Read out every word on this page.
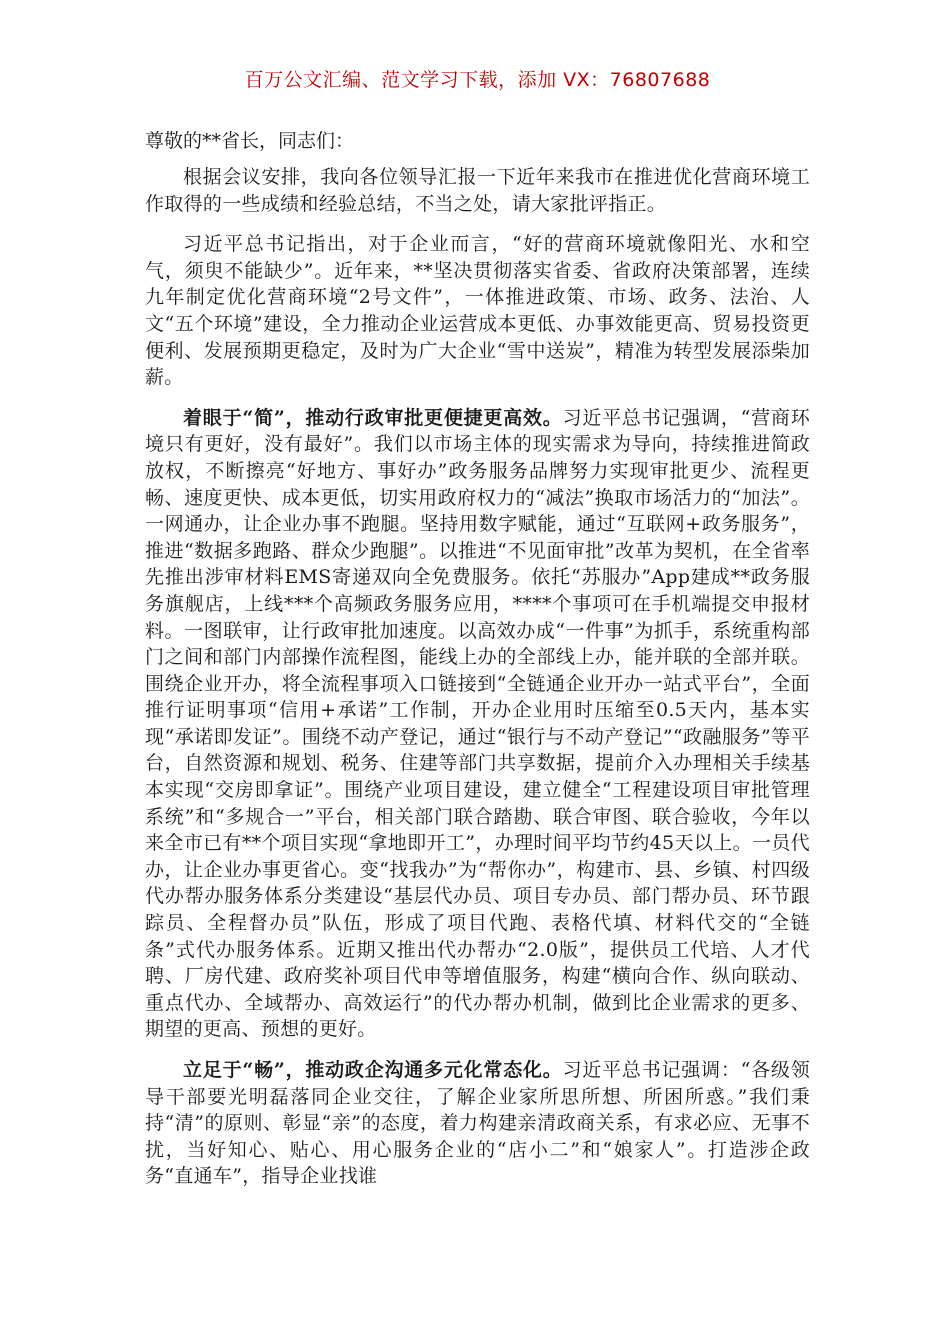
百万公文汇编、范文学习下载，添加 VX：76807688
尊敬的**省长，同志们：

根据会议安排，我向各位领导汇报一下近年来我市在推进优化营商环境工作取得的一些成绩和经验总结，不当之处，请大家批评指正。

习近平总书记指出，对于企业而言，“好的营商环境就像阳光、水和空气，须臾不能缺少”。近年来，**坚决贯彻落实省委、省政府决策部署，连续九年制定优化营商环境“2号文件”，一体推进政策、市场、政务、法治、人文“五个环境”建设，全力推动企业运营成本更低、办事效能更高、贸易投资更便利、发展预期更稳定，及时为广大企业“雪中送炭”，精准为转型发展添柴加薪。

着眼于“简”，推动行政审批更便捷更高效。习近平总书记强调，“营商环境只有更好，没有最好”。我们以市场主体的现实需求为导向，持续推进简政放权，不断擦亮“好地方、事好办”政务服务品牌努力实现审批更少、流程更畅、速度更快、成本更低，切实用政府权力的“减法”换取市场活力的“加法”。一网通办，让企业办事不跑腿。坚持用数字赋能，通过“互联网+政务服务”，推进“数据多跑路、群众少跑腿”。以推进“不见面审批”改革为契机，在全省率先推出涉审材料EMS寄递双向全免费服务。依托“苏服办”App建成**政务服务旗舰店，上线***个高频政务服务应用，****个事项可在手机端提交申报材料。一图联审，让行政审批加速度。以高效办成“一件事”为抓手，系统重构部门之间和部门内部操作流程图，能线上办的全部线上办，能并联的全部并联。围绕企业开办，将全流程事项入口链接到“全链通企业开办一站式平台”，全面推行证明事项“信用+承诺”工作制，开办企业用时压缩至0.5天内，基本实现“承诺即发证”。围绕不动产登记，通过“银行与不动产登记”“政融服务”等平台，自然资源和规划、税务、住建等部门共享数据，提前介入办理相关手续基本实现“交房即拿证”。围绕产业项目建设，建立健全“工程建设项目审批管理系统”和“多规合一”平台，相关部门联合踏勘、联合审图、联合验收，今年以来全市已有**个项目实现“拿地即开工”，办理时间平均节约45天以上。一员代办，让企业办事更省心。变“找我办”为“帮你办”，构建市、县、乡镇、村四级代办帮办服务体系分类建设“基层代办员、项目专办员、部门帮办员、环节跟踪员、全程督办员”队伍，形成了项目代跑、表格代填、材料代交的“全链条”式代办服务体系。近期又推出代办帮办“2.0版”，提供员工代培、人才代聘、厂房代建、政府奖补项目代申等增值服务，构建“横向合作、纵向联动、重点代办、全域帮办、高效运行”的代办帮办机制，做到比企业需求的更多、期望的更高、预想的更好。

立足于“畅”，推动政企沟通多元化常态化。习近平总书记强调：“各级领导干部要光明磊落同企业交往，了解企业家所思所想、所困所惑。”我们秉持“清”的原则、彰显“亲”的态度，着力构建亲清政商关系，有求必应、无事不扰，当好知心、贴心、用心服务企业的“店小二”和“娘家人”。打造涉企政务“直通车”，指导企业找谁
